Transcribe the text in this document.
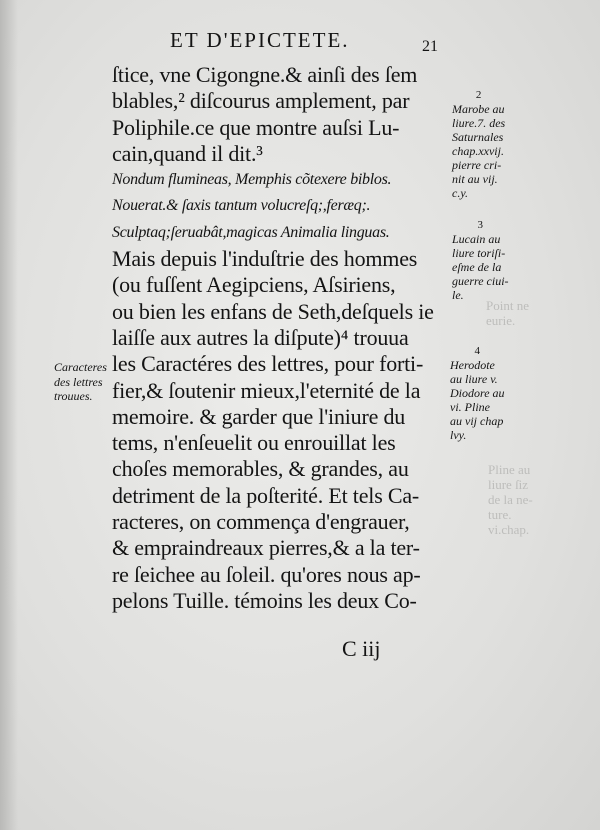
Point ne
eurie.
Pline au
liure ſiz
de la ne-
ture.
vi.chap.
ET D'EPICTETE.	21
ſtice, vne Cigongne.& ainſi des ſem
blables,² diſcourus amplement, par
Poliphile.ce que montre auſsi Lu-
cain,quand il dit.³
Nondum flumineas, Memphis cõtexere biblos.
Nouerat.& ſaxis tantum volucreſq;,feræq;.
Sculptaq;ſeruabât,magicas Animalia linguas.
Mais depuis l'induſtrie des hommes
(ou fuſſent Aegipciens, Aſsiriens,
ou bien les enfans de Seth,deſquels ie
laiſſe aux autres la diſpute)⁴ trouua
les Caractéres des lettres, pour forti-
fier,& ſoutenir mieux,l'eternité de la
memoire. & garder que l'iniure du
tems, n'enſeuelit ou enrouillat les
choſes memorables, & grandes, au
detriment de la poſterité. Et tels Ca-
racteres, on commença d'engrauer,
& empraindreaux pierres,& a la ter-
re ſeichee au ſoleil. qu'ores nous ap-
pelons Tuille. témoins les deux Co-
C iij
2
Marobe au
liure.7. des
Saturnales
chap.xxvij.
pierre cri-
nit au vij.
c.y.
3
Lucain au
liure toriſi-
eſme de la
guerre ciui-
le.
4
Herodote
au liure v.
Diodore au
vi. Pline
au vij chap
lvy.
Caracteres
des lettres
trouues.
